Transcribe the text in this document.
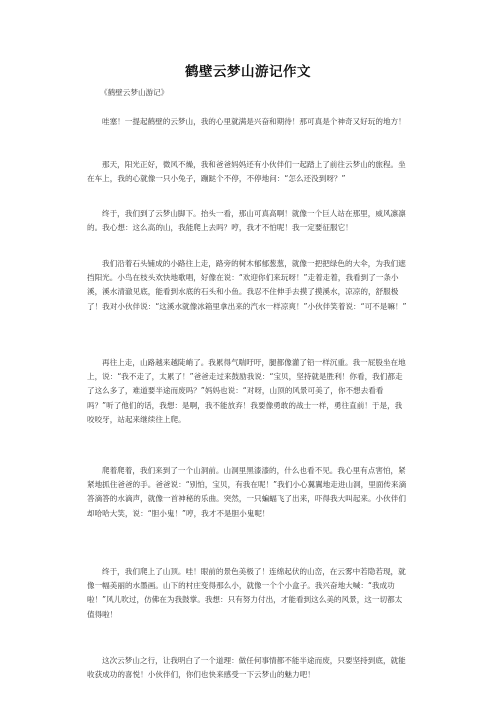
鹤壁云梦山游记作文
《鹤壁云梦山游记》
哇塞！一提起鹤壁的云梦山，我的心里就满是兴奋和期待！那可真是个神奇又好玩的地方！
那天，阳光正好，微风不燥，我和爸爸妈妈还有小伙伴们一起踏上了前往云梦山的旅程。坐在车上，我的心就像一只小兔子，蹦跶个不停，不停地问：“怎么还没到呀？”
终于，我们到了云梦山脚下。抬头一看，那山可真高啊！就像一个巨人站在那里，威风凛凛的。我心想：这么高的山，我能爬上去吗？哼，我才不怕呢！我一定要征服它！
我们沿着石头铺成的小路往上走，路旁的树木郁郁葱葱，就像一把把绿色的大伞，为我们遮挡阳光。小鸟在枝头欢快地歌唱，好像在说：“欢迎你们来玩呀！”走着走着，我看到了一条小溪，溪水清澈见底，能看到水底的石头和小鱼。我忍不住伸手去摸了摸溪水，凉凉的，舒服极了！我对小伙伴说：“这溪水就像冰箱里拿出来的汽水一样凉爽！”小伙伴笑着说：“可不是嘛！”
再往上走，山路越来越陡峭了。我累得气喘吁吁，腿都像灌了铅一样沉重。我一屁股坐在地上，说：“我不走了，太累了！”爸爸走过来鼓励我说：“宝贝，坚持就是胜利！你看，我们都走了这么多了，难道要半途而废吗？”妈妈也说：“对呀，山顶的风景可美了，你不想去看看吗？”听了他们的话，我想：是啊，我不能放弃！我要像勇敢的战士一样，勇往直前！于是，我咬咬牙，站起来继续往上爬。
爬着爬着，我们来到了一个山洞前。山洞里黑漆漆的，什么也看不见。我心里有点害怕，紧紧地抓住爸爸的手。爸爸说：“别怕，宝贝，有我在呢！”我们小心翼翼地走进山洞，里面传来滴答滴答的水滴声，就像一首神秘的乐曲。突然，一只蝙蝠飞了出来，吓得我大叫起来。小伙伴们却哈哈大笑，说：“胆小鬼！”哼，我才不是胆小鬼呢！
终于，我们爬上了山顶。哇！眼前的景色美极了！连绵起伏的山峦，在云雾中若隐若现，就像一幅美丽的水墨画。山下的村庄变得那么小，就像一个个小盒子。我兴奋地大喊：“我成功啦！”风儿吹过，仿佛在为我鼓掌。我想：只有努力付出，才能看到这么美的风景，这一切都太值得啦！
这次云梦山之行，让我明白了一个道理：做任何事情都不能半途而废，只要坚持到底，就能收获成功的喜悦！小伙伴们，你们也快来感受一下云梦山的魅力吧！
